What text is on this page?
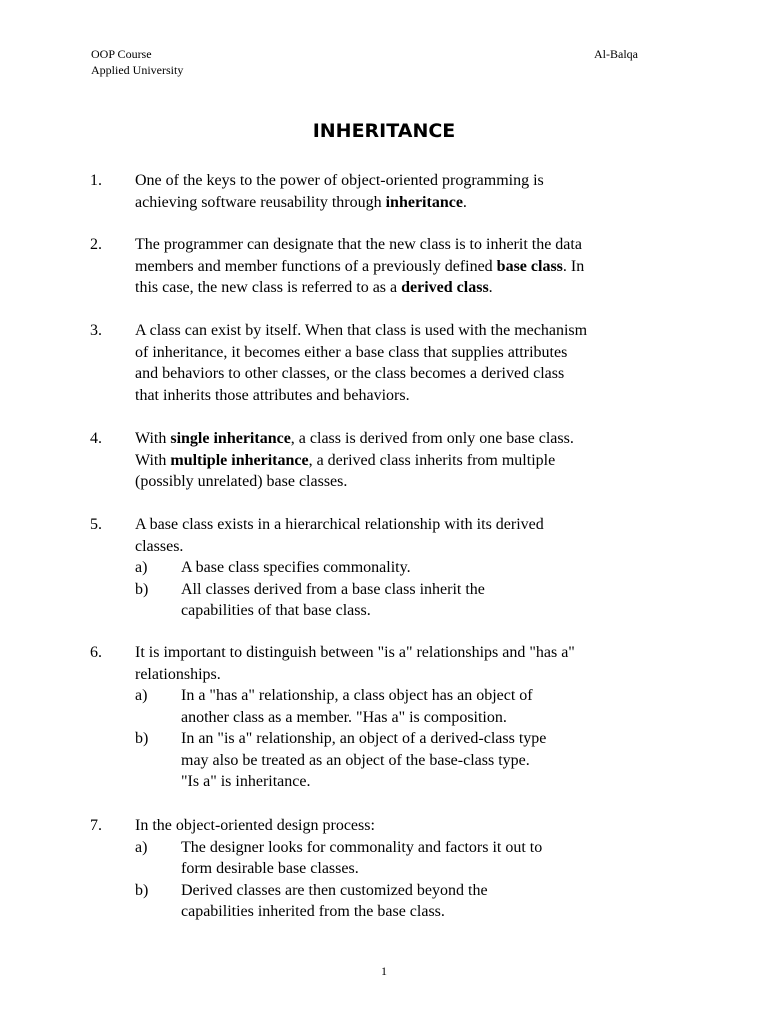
OOP Course
Applied University
Al-Balqa
INHERITANCE
1. One of the keys to the power of object-oriented programming is
achieving software reusability through inheritance.
2. The programmer can designate that the new class is to inherit the data
members and member functions of a previously defined base class. In
this case, the new class is referred to as a derived class.
3. A class can exist by itself. When that class is used with the mechanism
of inheritance, it becomes either a base class that supplies attributes
and behaviors to other classes, or the class becomes a derived class
that inherits those attributes and behaviors.
4. With single inheritance, a class is derived from only one base class.
With multiple inheritance, a derived class inherits from multiple
(possibly unrelated) base classes.
5. A base class exists in a hierarchical relationship with its derived
classes.
a) A base class specifies commonality.
b) All classes derived from a base class inherit the
capabilities of that base class.
6. It is important to distinguish between "is a" relationships and "has a"
relationships.
a) In a "has a" relationship, a class object has an object of
another class as a member. "Has a" is composition.
b) In an "is a" relationship, an object of a derived-class type
may also be treated as an object of the base-class type.
"Is a" is inheritance.
7. In the object-oriented design process:
a) The designer looks for commonality and factors it out to
form desirable base classes.
b) Derived classes are then customized beyond the
capabilities inherited from the base class.
1
